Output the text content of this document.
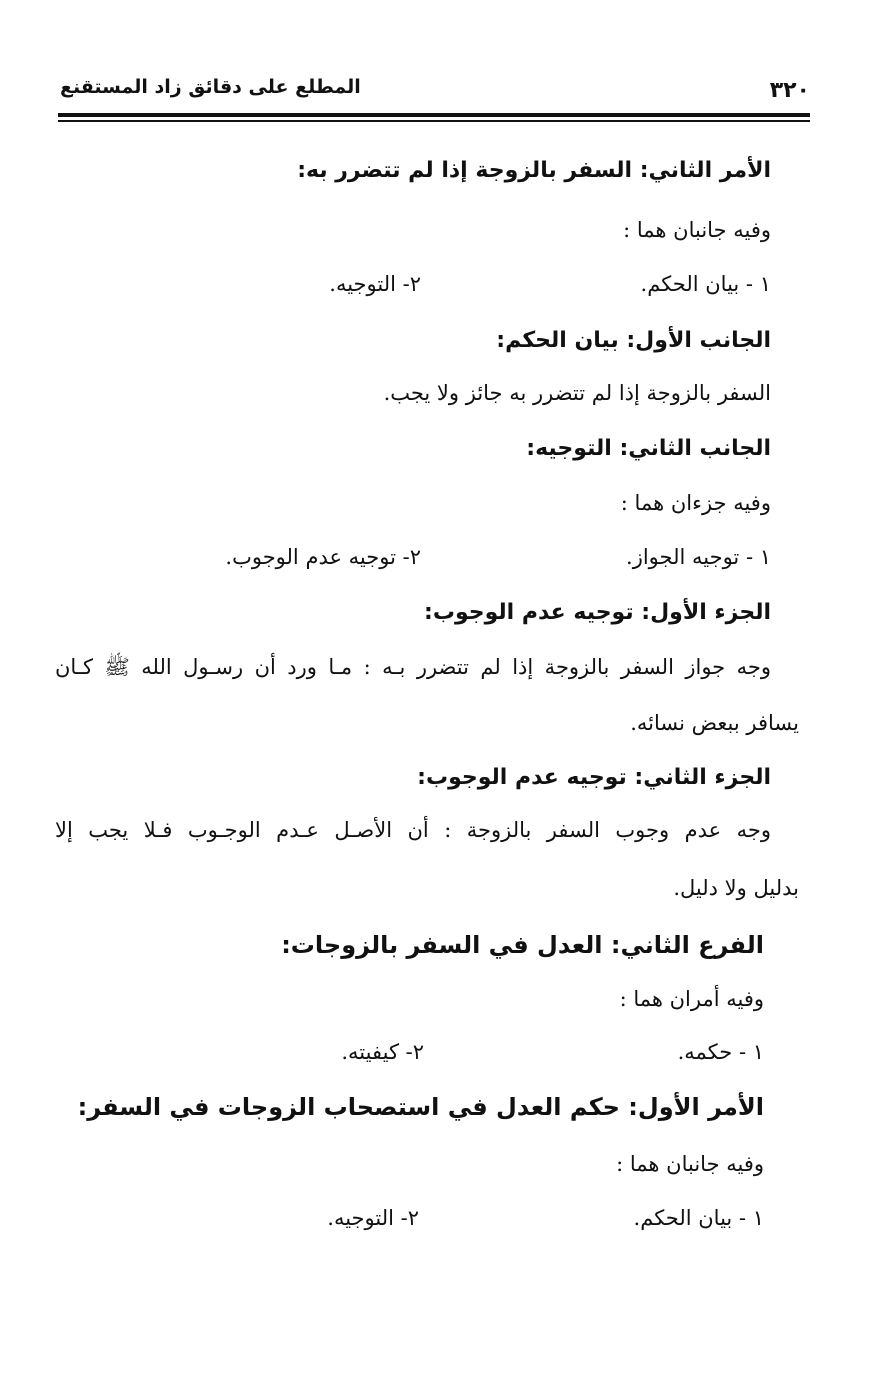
٣٢٠
المطلع على دقائق زاد المستقنع
الأمر الثاني: السفر بالزوجة إذا لم تتضرر به:
وفيه جانبان هما :
١ - بيان الحكم.
٢- التوجيه.
الجانب الأول: بيان الحكم:
السفر بالزوجة إذا لم تتضرر به جائز ولا يجب.
الجانب الثاني: التوجيه:
وفيه جزءان هما :
١ - توجيه الجواز.
٢- توجيه عدم الوجوب.
الجزء الأول: توجيه عدم الوجوب:
وجه جواز السفر بالزوجة إذا لم تتضرر بـه : مـا ورد أن رسـول الله ﷺ كـان
يسافر ببعض نسائه.
الجزء الثاني: توجيه عدم الوجوب:
وجه عدم وجوب السفر بالزوجة : أن الأصـل عـدم الوجـوب فـلا يجب إلا
بدليل ولا دليل.
الفرع الثاني: العدل في السفر بالزوجات:
وفيه أمران هما :
١ - حكمه.
٢- كيفيته.
الأمر الأول: حكم العدل في استصحاب الزوجات في السفر:
وفيه جانبان هما :
١ - بيان الحكم.
٢- التوجيه.
